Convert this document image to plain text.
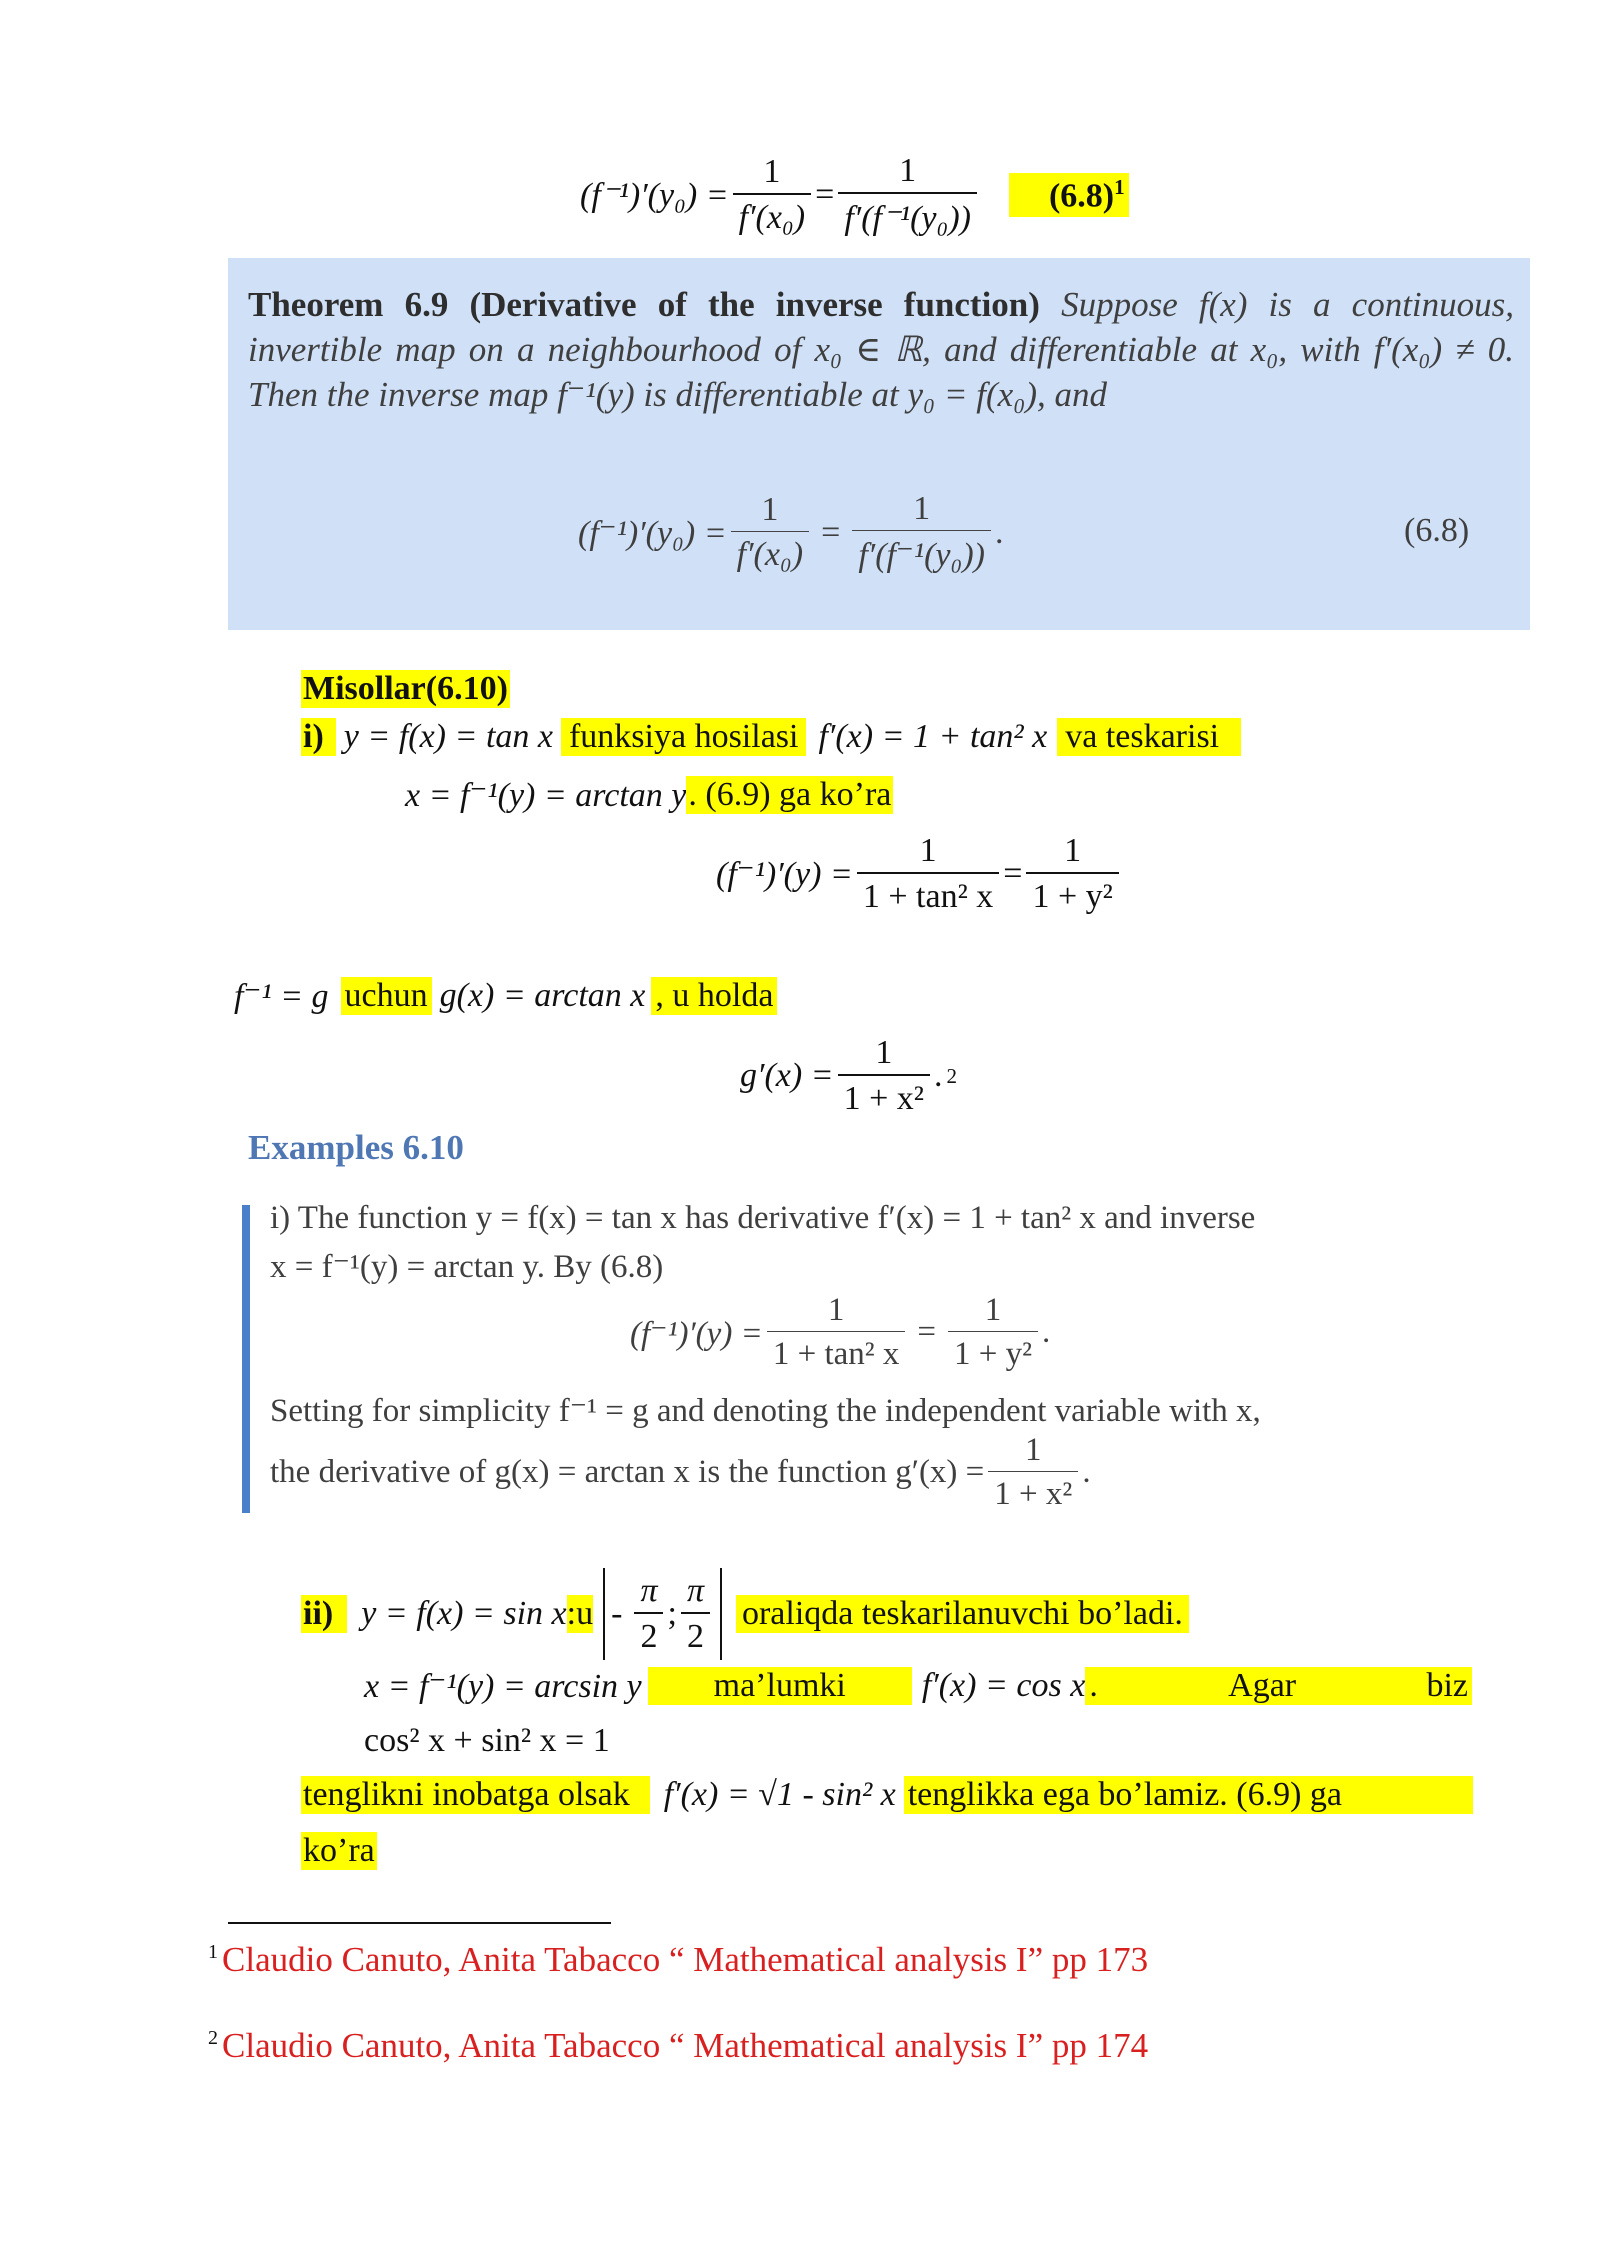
$(f^{-1})'(y_0) = \frac{1}{\text{f′(x₀)}} = \frac{1}{\text{f′(f⁻¹(y₀))}}$	$(6.8)^1$
Theorem 6.9 (Derivative of the inverse function) Suppose f(x) is a continuous, invertible map on a neighbourhood of x₀ ∈ ℝ, and differentiable at x₀, with f′(x₀) ≠ 0. Then the inverse map f⁻¹(y) is differentiable at y₀ = f(x₀), and
$(f^{-1})'(y_0) = \frac{1}{\text{f′(x₀)}} = \frac{1}{\text{f′(f⁻¹(y₀))}}$ .	(6.8)
Misollar(6.10)
i) y = f(x) = tan x funksiya hosilasi f′(x) = 1 + tan² x va teskarisi
x = f⁻¹(y) = arctan y . (6.9) ga ko’ra
$(f^{-1})'(y) = \frac{1}{\text{1 + tan² x}} = \frac{1}{\text{1 + y²}}$
f⁻¹ = g uchun g(x) = arctan x , u holda
$g'(x) = \frac{1}{\text{1 + x²}}$ . 2
Examples 6.10
i) The function y = f(x) = tan x has derivative f′(x) = 1 + tan² x and inverse
x = f⁻¹(y) = arctan y. By (6.8)
$(f^{-1})'(y) = \frac{1}{\text{1 + tan² x}} = \frac{1}{\text{1 + y²}}$ .
Setting for simplicity f⁻¹ = g and denoting the independent variable with x,
the derivative of g(x) = arctan x is the function $g'(x) = \frac{1}{\text{1 + x²}}$ .
ii) y = f(x) = sin x :u - $\frac{\pi}{2}$ ; $\frac{\pi}{2}$ oraliqda teskarilanuvchi bo’ladi.
x = f⁻¹(y) = arcsin y	ma’lumki	f′(x) = cos x .	Agar	biz
cos² x + sin² x = 1
tenglikni inobatga olsak	f′(x) = √1 - sin² x tenglikka ega bo’lamiz. (6.9) ga
ko’ra
$^1$ Claudio Canuto, Anita Tabacco “ Mathematical analysis I” pp 173
$^2$ Claudio Canuto, Anita Tabacco “ Mathematical analysis I” pp 174
